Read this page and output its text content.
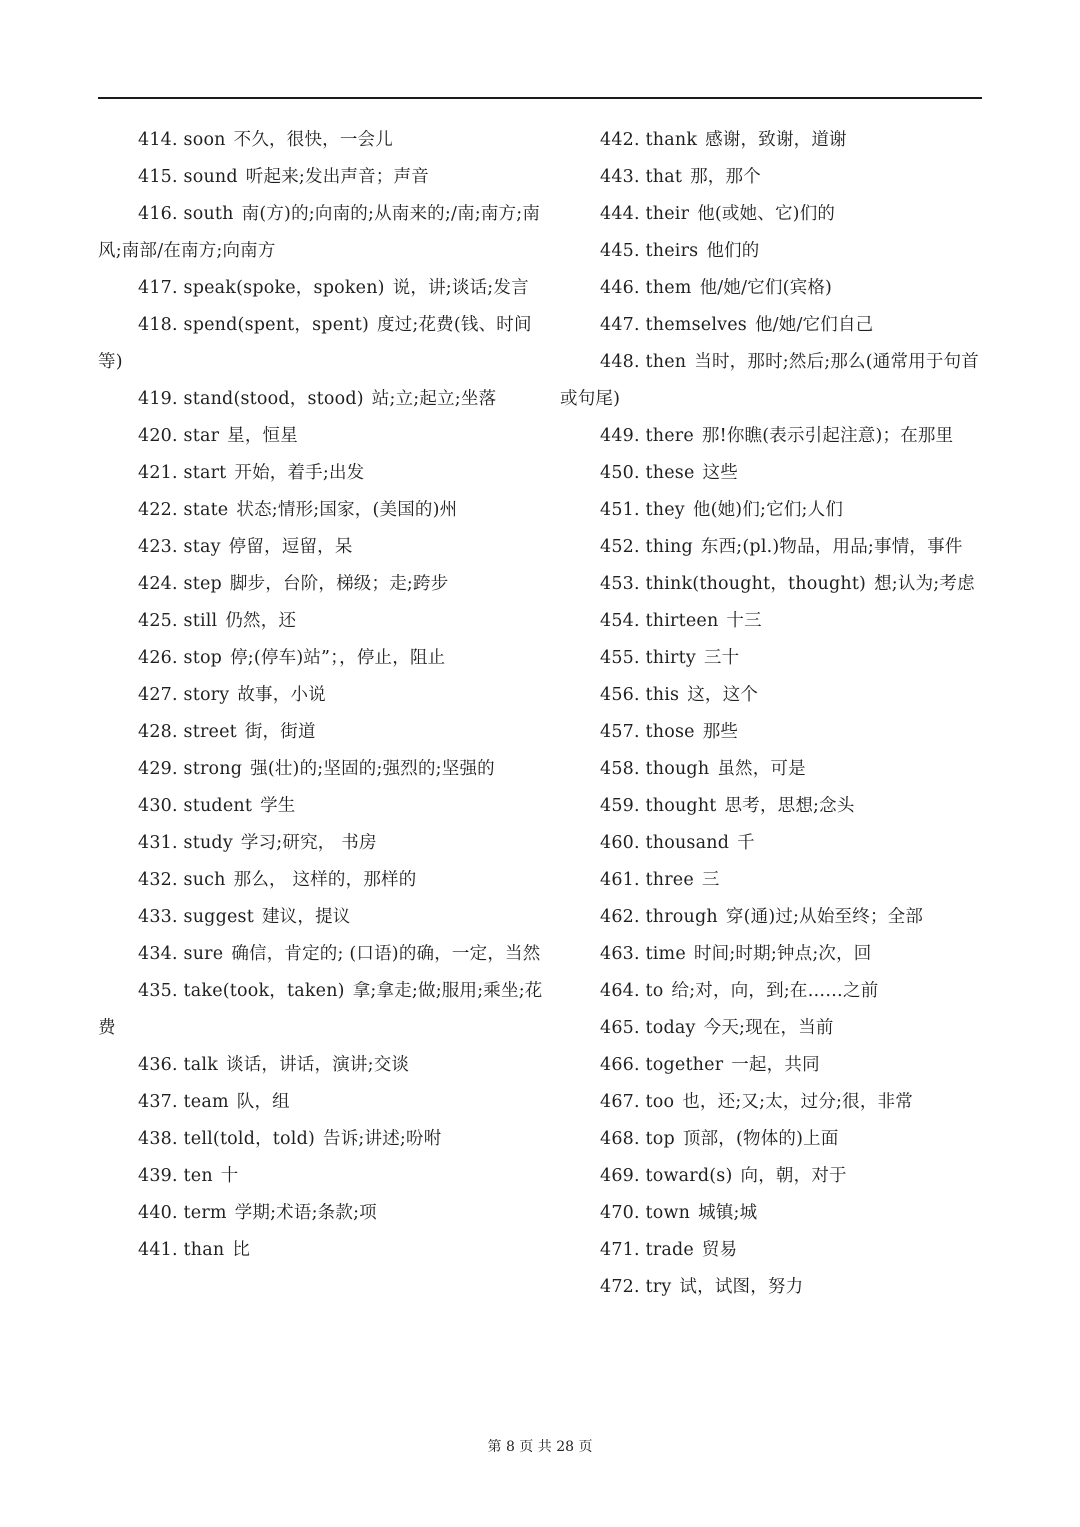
414. soon 不久，很快，一会儿
415. sound 听起来;发出声音；声音
416. south 南(方)的;向南的;从南来的;/南;南方;南风;南部/在南方;向南方
417. speak(spoke，spoken) 说，讲;谈话;发言
418. spend(spent，spent) 度过;花费(钱、时间等)
419. stand(stood，stood) 站;立;起立;坐落
420. star 星，恒星
421. start 开始，着手;出发
422. state 状态;情形;国家，(美国的)州
423. stay 停留，逗留，呆
424. step 脚步，台阶，梯级；走;跨步
425. still 仍然，还
426. stop 停;(停车)站”；，停止，阻止
427. story 故事，小说
428. street 街，街道
429. strong 强(壮)的;坚固的;强烈的;坚强的
430. student 学生
431. study 学习;研究， 书房
432. such 那么， 这样的，那样的
433. suggest 建议，提议
434. sure 确信，肯定的; (口语)的确，一定，当然
435. take(took，taken) 拿;拿走;做;服用;乘坐;花费
436. talk 谈话，讲话，演讲;交谈
437. team 队，组
438. tell(told，told) 告诉;讲述;吩咐
439. ten 十
440. term 学期;术语;条款;项
441. than 比
442. thank 感谢，致谢，道谢
443. that 那，那个
444. their 他(或她、它)们的
445. theirs 他们的
446. them 他/她/它们(宾格)
447. themselves 他/她/它们自己
448. then 当时，那时;然后;那么(通常用于句首或句尾)
449. there 那!你瞧(表示引起注意)；在那里
450. these 这些
451. they 他(她)们;它们;人们
452. thing 东西;(pl.)物品，用品;事情，事件
453. think(thought，thought) 想;认为;考虑
454. thirteen 十三
455. thirty 三十
456. this 这，这个
457. those 那些
458. though 虽然，可是
459. thought 思考，思想;念头
460. thousand 千
461. three 三
462. through 穿(通)过;从始至终；全部
463. time 时间;时期;钟点;次，回
464. to 给;对，向，到;在……之前
465. today 今天;现在，当前
466. together 一起，共同
467. too 也，还;又;太，过分;很，非常
468. top 顶部，(物体的)上面
469. toward(s) 向，朝，对于
470. town 城镇;城
471. trade 贸易
472. try 试，试图，努力
第 8 页 共 28 页
